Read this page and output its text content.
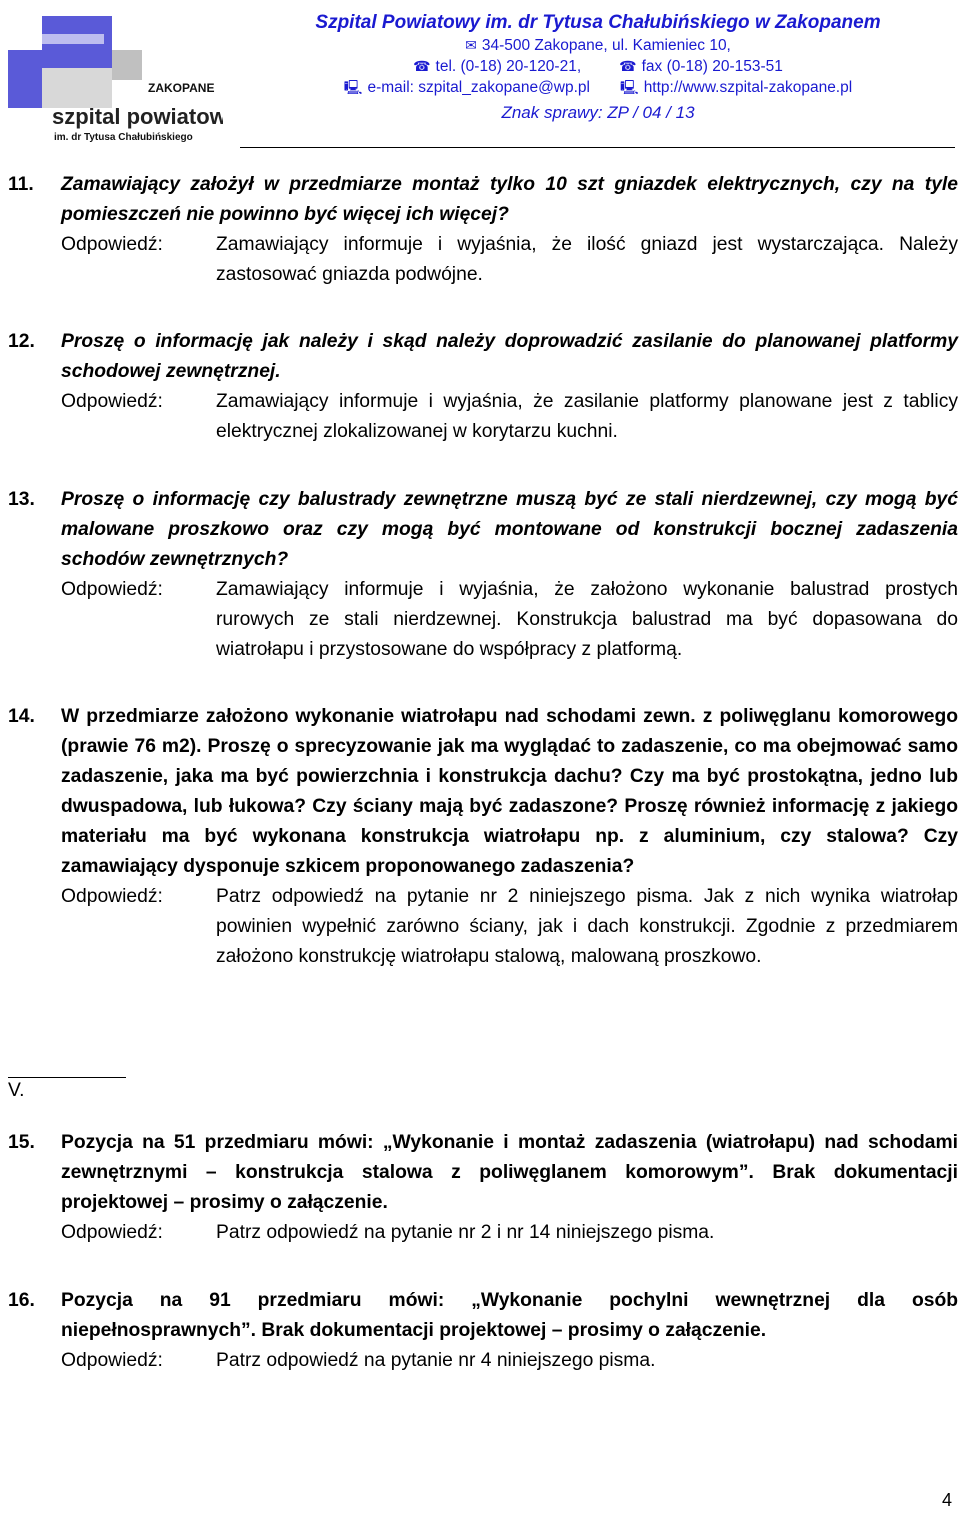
ZAKOPANE
szpital powiatowy
im. dr Tytusa Chałubińskiego
Szpital Powiatowy im. dr Tytusa Chałubińskiego w Zakopanem
✉ 34-500 Zakopane, ul. Kamieniec 10,
☎ tel. (0-18) 20-120-21,	☎ fax (0-18) 20-153-51
🖳 e-mail: szpital_zakopane@wp.pl 🖳 http://www.szpital-zakopane.pl
Znak sprawy: ZP / 04 / 13
11.	Zamawiający założył w przedmiarze montaż tylko 10 szt gniazdek elektrycznych, czy na tyle pomieszczeń nie powinno być więcej ich więcej?
Odpowiedź:	Zamawiający informuje i wyjaśnia, że ilość gniazd jest wystarczająca. Należy zastosować gniazda podwójne.
12.	Proszę o informację jak należy i skąd należy doprowadzić zasilanie do planowanej platformy schodowej zewnętrznej.
Odpowiedź:	Zamawiający informuje i wyjaśnia, że zasilanie platformy planowane jest z tablicy elektrycznej zlokalizowanej w korytarzu kuchni.
13.	Proszę o informację czy balustrady zewnętrzne muszą być ze stali nierdzewnej, czy mogą być malowane proszkowo oraz czy mogą być montowane od konstrukcji bocznej zadaszenia schodów zewnętrznych?
Odpowiedź:	Zamawiający informuje i wyjaśnia, że założono wykonanie balustrad prostych rurowych ze stali nierdzewnej. Konstrukcja balustrad ma być dopasowana do wiatrołapu i przystosowane do współpracy z platformą.
14.	W przedmiarze założono wykonanie wiatrołapu nad schodami zewn. z poliwęglanu komorowego (prawie 76 m2). Proszę o sprecyzowanie jak ma wyglądać to zadaszenie, co ma obejmować samo zadaszenie, jaka ma być powierzchnia i konstrukcja dachu? Czy ma być prostokątna, jedno lub dwuspadowa, lub łukowa? Czy ściany mają być zadaszone? Proszę również informację z jakiego materiału ma być wykonana konstrukcja wiatrołapu np. z aluminium, czy stalowa? Czy zamawiający dysponuje szkicem proponowanego zadaszenia?
Odpowiedź:	Patrz odpowiedź na pytanie nr 2 niniejszego pisma. Jak z nich wynika wiatrołap powinien wypełnić zarówno ściany, jak i dach konstrukcji. Zgodnie z przedmiarem założono konstrukcję wiatrołapu stalową, malowaną proszkowo.
V.
15.	Pozycja na 51 przedmiaru mówi: „Wykonanie i montaż zadaszenia (wiatrołapu) nad schodami zewnętrznymi – konstrukcja stalowa z poliwęglanem komorowym”. Brak dokumentacji projektowej – prosimy o załączenie.
Odpowiedź:	Patrz odpowiedź na pytanie nr 2 i nr 14 niniejszego pisma.
16.	Pozycja na 91 przedmiaru mówi: „Wykonanie pochylni wewnętrznej dla osób niepełnosprawnych”. Brak dokumentacji projektowej – prosimy o załączenie.
Odpowiedź:	Patrz odpowiedź na pytanie nr 4 niniejszego pisma.
4
